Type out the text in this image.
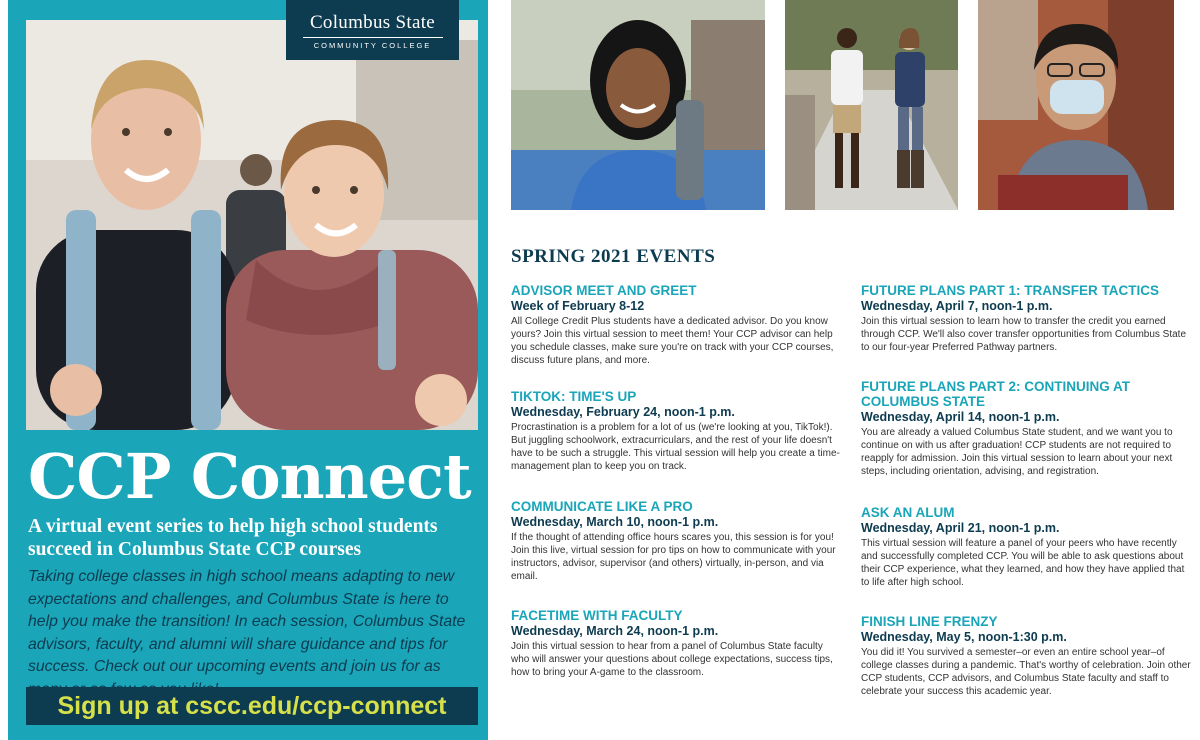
Columbus State
COMMUNITY COLLEGE
CCP Connect

A virtual event series to help high school students succeed in Columbus State CCP courses

Taking college classes in high school means adapting to new expectations and challenges, and Columbus State is here to help you make the transition! In each session, Columbus State advisors, faculty, and alumni will share guidance and tips for success. Check out our upcoming events and join us for as

Sign up at cscc.edu/ccp-connect
SPRING 2021 EVENTS

ADVISOR MEET AND GREET

Week of February 8-12

All College Credit Plus students have a dedicated advisor. Do you know yours? Join this virtual session to meet them! Your CCP advisor can help you schedule classes, make sure you're on track with your CCP courses, discuss future plans, and more.

TIKTOK: TIME'S UP

Wednesday, February 24, noon-1 p.m.

Procrastination is a problem for a lot of us (we're looking at you, TikTok!). But juggling schoolwork, extracurriculars, and the rest of your life doesn't have to be such a struggle. This virtual session will help you create a time-management plan to keep you on track.

COMMUNICATE LIKE A PRO

Wednesday, March 10, noon-1 p.m.

If the thought of attending office hours scares you, this session is for you! Join this live, virtual session for pro tips on how to communicate with your instructors, advisor, supervisor (and others) virtually, in-person, and via email.

FACETIME WITH FACULTY

Wednesday, March 24, noon-1 p.m.

Join this virtual session to hear from a panel of Columbus State faculty who will answer your questions about college expectations, success tips, how to bring your A-game to the classroom.

FUTURE PLANS PART 1: TRANSFER TACTICS

Wednesday, April 7, noon-1 p.m.

Join this virtual session to learn how to transfer the credit you earned through CCP. We'll also cover transfer opportunities from Columbus State to our four-year Preferred Pathway partners.

FUTURE PLANS PART 2: CONTINUING AT COLUMBUS STATE

Wednesday, April 14, noon-1 p.m.

You are already a valued Columbus State student, and we want you to continue on with us after graduation! CCP students are not required to reapply for admission. Join this virtual session to learn about your next steps, including orientation, advising, and registration.

ASK AN ALUM

Wednesday, April 21, noon-1 p.m.

This virtual session will feature a panel of your peers who have recently and successfully completed CCP. You will be able to ask questions about their CCP experience, what they learned, and how they have applied that to life after high school.

FINISH LINE FRENZY

Wednesday, May 5, noon-1:30 p.m.

You did it! You survived a semester–or even an entire school year–of college classes during a pandemic. That's worthy of celebration. Join other CCP students, CCP advisors, and Columbus State faculty and staff to celebrate your success this academic year.
